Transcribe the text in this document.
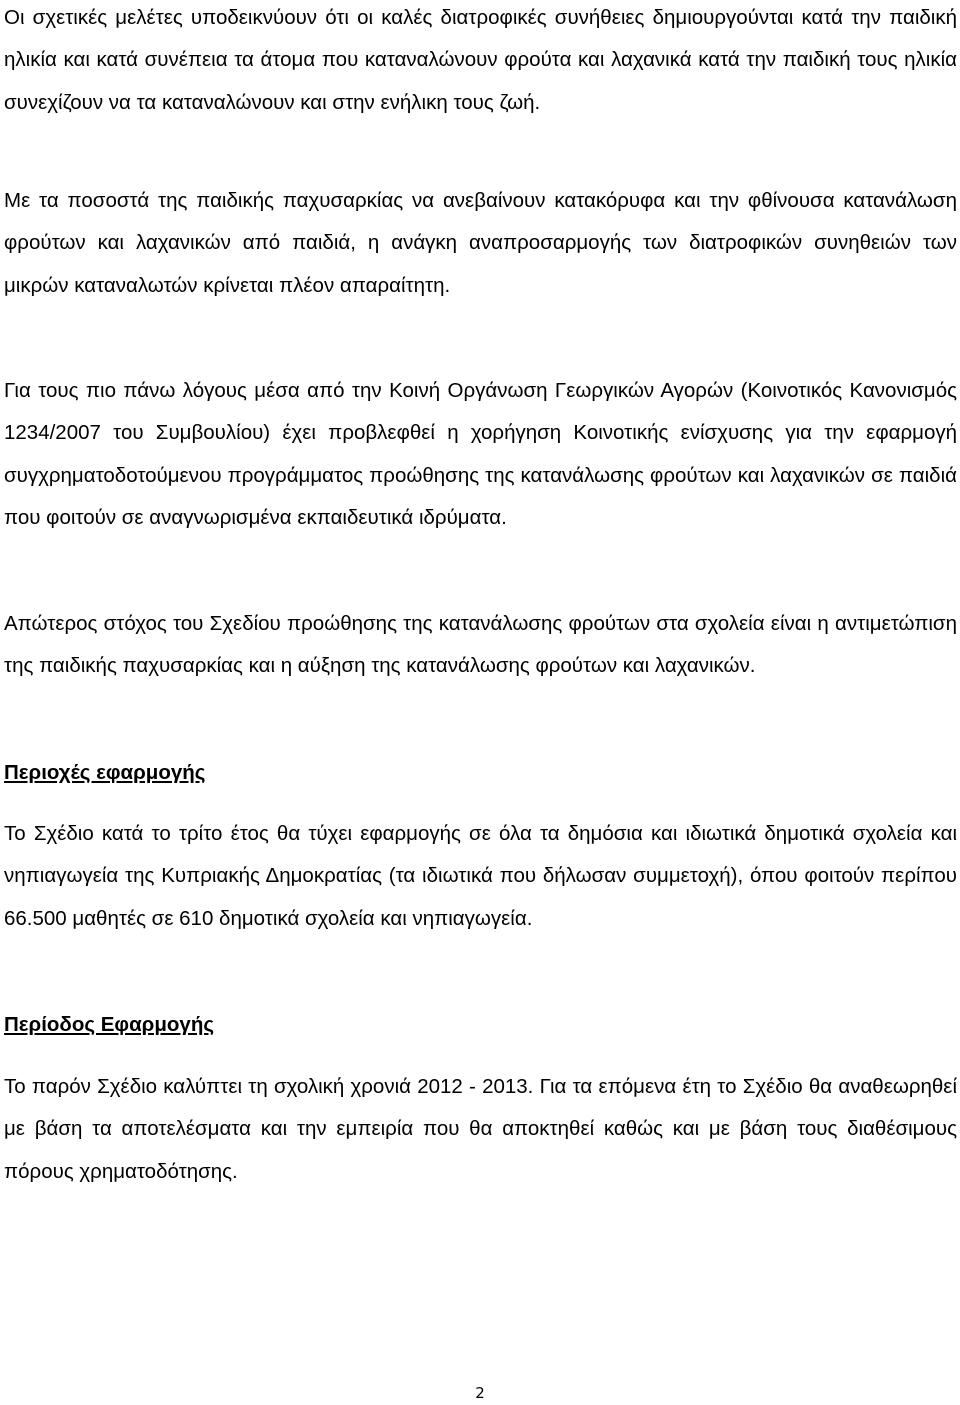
Οι σχετικές μελέτες υποδεικνύουν ότι οι καλές διατροφικές συνήθειες δημιουργούνται κατά την παιδική ηλικία και κατά συνέπεια τα άτομα που καταναλώνουν φρούτα και λαχανικά κατά την παιδική τους ηλικία συνεχίζουν να τα καταναλώνουν και στην ενήλικη τους ζωή.

Με τα ποσοστά της παιδικής παχυσαρκίας να ανεβαίνουν κατακόρυφα και την φθίνουσα κατανάλωση φρούτων και λαχανικών από παιδιά, η ανάγκη αναπροσαρμογής των διατροφικών συνηθειών των μικρών καταναλωτών κρίνεται πλέον απαραίτητη.

Για τους πιο πάνω λόγους μέσα από την Κοινή Οργάνωση Γεωργικών Αγορών (Κοινοτικός Κανονισμός 1234/2007 του Συμβουλίου) έχει προβλεφθεί η χορήγηση Κοινοτικής ενίσχυσης για την εφαρμογή συγχρηματοδοτούμενου προγράμματος προώθησης της κατανάλωσης φρούτων και λαχανικών σε παιδιά που φοιτούν σε αναγνωρισμένα εκπαιδευτικά ιδρύματα.

Απώτερος στόχος του Σχεδίου προώθησης της κατανάλωσης φρούτων στα σχολεία είναι η αντιμετώπιση της παιδικής παχυσαρκίας και η αύξηση της κατανάλωσης φρούτων και λαχανικών.

Περιοχές εφαρμογής

Το Σχέδιο κατά το τρίτο έτος θα τύχει εφαρμογής σε όλα τα δημόσια και ιδιωτικά δημοτικά σχολεία και νηπιαγωγεία της Κυπριακής Δημοκρατίας (τα ιδιωτικά που δήλωσαν συμμετοχή), όπου φοιτούν περίπου 66.500 μαθητές σε 610 δημοτικά σχολεία και νηπιαγωγεία.

Περίοδος Εφαρμογής

Το παρόν Σχέδιο καλύπτει τη σχολική χρονιά 2012 - 2013. Για τα επόμενα έτη το Σχέδιο θα αναθεωρηθεί με βάση τα αποτελέσματα και την εμπειρία που θα αποκτηθεί καθώς και με βάση τους διαθέσιμους πόρους χρηματοδότησης.

2
